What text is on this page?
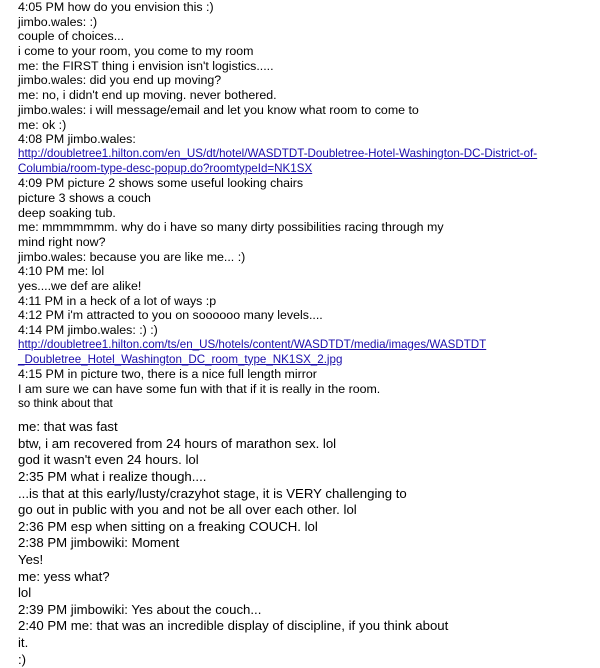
4:05 PM how do you envision this :)
jimbo.wales: :)
couple of choices...
i come to your room, you come to my room
me: the FIRST thing i envision isn't logistics.....
jimbo.wales: did you end up moving?
me: no, i didn't end up moving. never bothered.
jimbo.wales: i will message/email and let you know what room to come to
me: ok :)
4:08 PM jimbo.wales:
http://doubletree1.hilton.com/en_US/dt/hotel/WASDTDT-Doubletree-Hotel-Washington-DC-District-of-
Columbia/room-type-desc-popup.do?roomtypeId=NK1SX
4:09 PM picture 2 shows some useful looking chairs
picture 3 shows a couch
deep soaking tub.
me: mmmmmmm. why do i have so many dirty possibilities racing through my
mind right now?
jimbo.wales: because you are like me... :)
4:10 PM me: lol
yes....we def are alike!
4:11 PM in a heck of a lot of ways :p
4:12 PM i'm attracted to you on soooooo many levels....
4:14 PM jimbo.wales: :) :)
http://doubletree1.hilton.com/ts/en_US/hotels/content/WASDTDT/media/images/WASDTDT
_Doubletree_Hotel_Washington_DC_room_type_NK1SX_2.jpg
4:15 PM in picture two, there is a nice full length mirror
I am sure we can have some fun with that if it is really in the room.
so think about that
me: that was fast
btw, i am recovered from 24 hours of marathon sex. lol
god it wasn't even 24 hours. lol
2:35 PM what i realize though....
...is that at this early/lusty/crazyhot stage, it is VERY challenging to
go out in public with you and not be all over each other. lol
2:36 PM esp when sitting on a freaking COUCH. lol
2:38 PM jimbowiki: Moment
Yes!
me: yess what?
lol
2:39 PM jimbowiki: Yes about the couch...
2:40 PM me: that was an incredible display of discipline, if you think about
it.
:)
